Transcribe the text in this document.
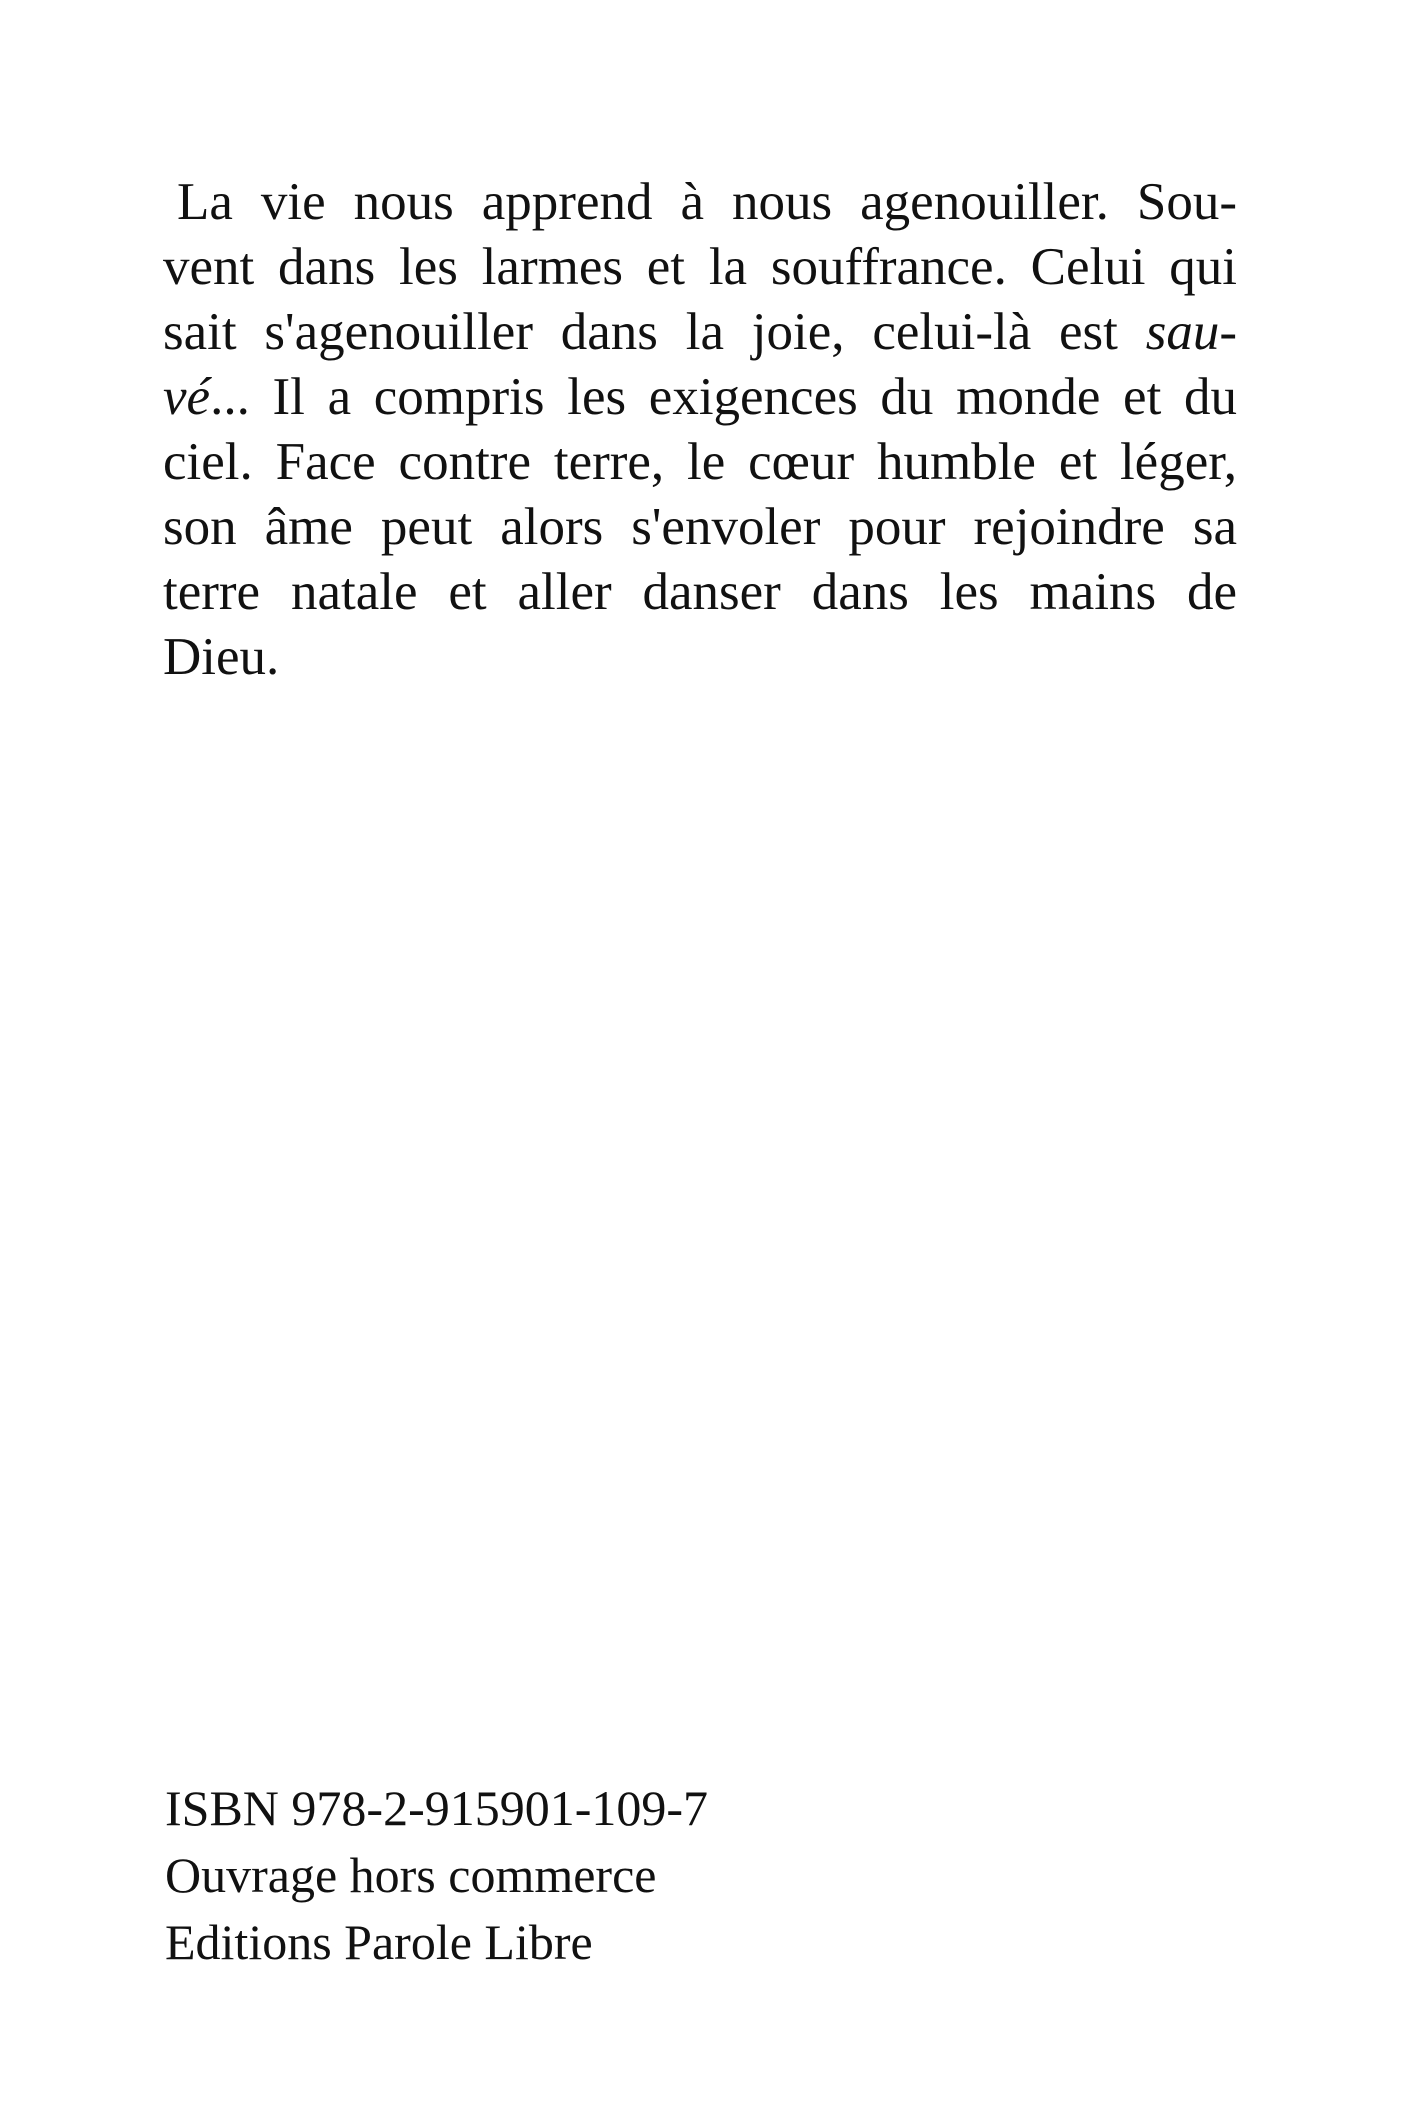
La vie nous apprend à nous agenouiller. Sou-
vent dans les larmes et la souffrance. Celui qui
sait s'agenouiller dans la joie, celui-là est sau-
vé... Il a compris les exigences du monde et du
ciel. Face contre terre, le cœur humble et léger,
son âme peut alors s'envoler pour rejoindre sa
terre natale et aller danser dans les mains de
Dieu.
ISBN 978-2-915901-109-7
Ouvrage hors commerce
Editions Parole Libre
